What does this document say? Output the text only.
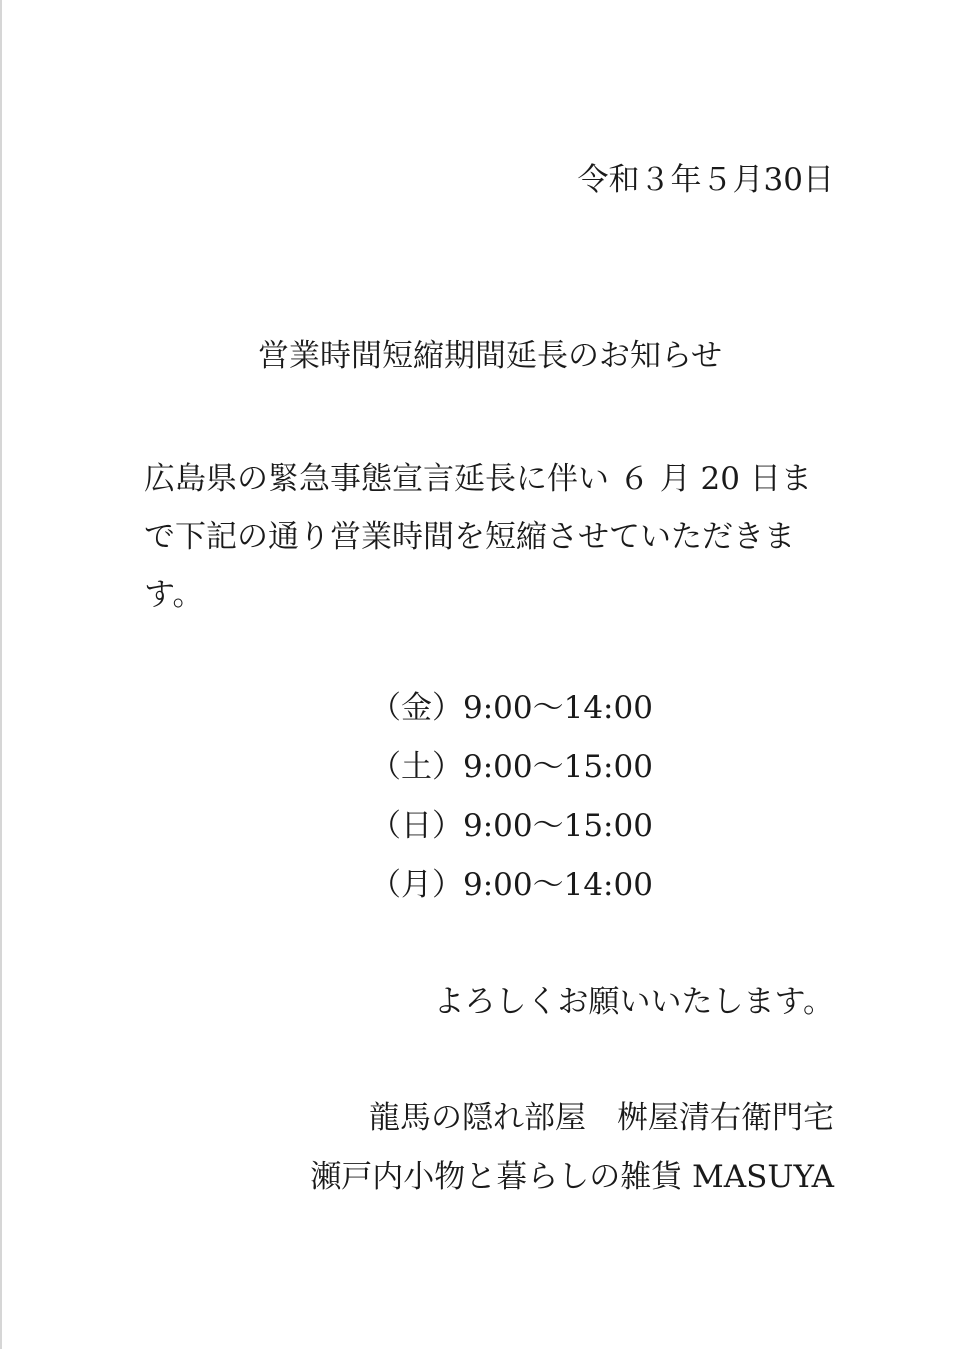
令和３年５月30日
営業時間短縮期間延長のお知らせ
広島県の緊急事態宣言延長に伴い ６ 月 20 日ま
で下記の通り営業時間を短縮させていただきま
す。
（金）9:00〜14:00
（土）9:00〜15:00
（日）9:00〜15:00
（月）9:00〜14:00
よろしくお願いいたします。
龍馬の隠れ部屋　桝屋清右衛門宅
瀬戸内小物と暮らしの雑貨 MASUYA
